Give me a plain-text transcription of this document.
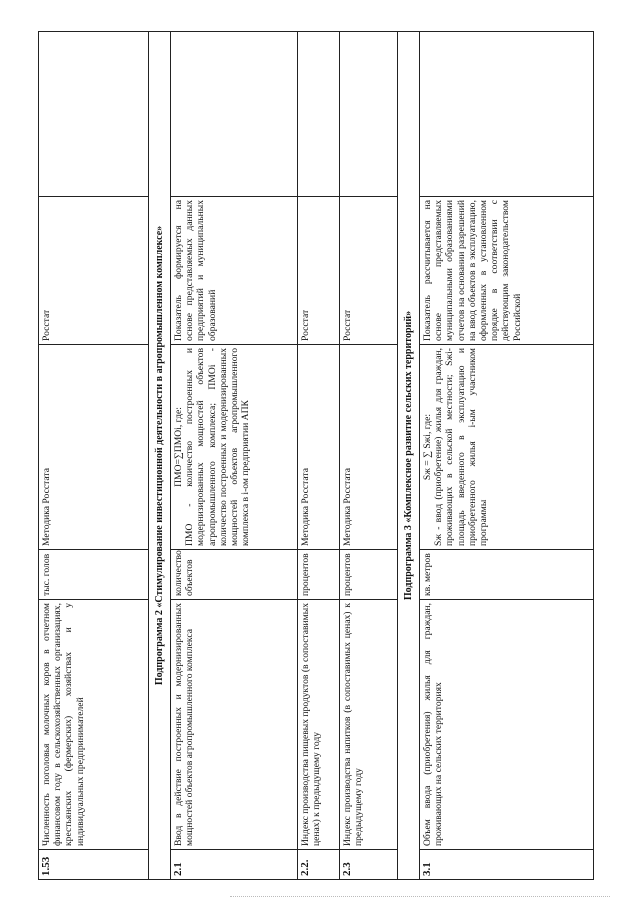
1.53	Численность поголовья молочных коров в отчетном финансовом году в сельскохозяйственных организациях, крестьянских (фермерских) хозяйствах и у индивидуальных предпринимателей	тыс. голов	Методика Росстата	Росстат	
Подпрограмма 2 «Стимулирование инвестиционной деятельности в агропромышленном комплексе»					
2.1	Ввод в действие построенных и модернизированных мощностей объектов агропромышленного комплекса	количество объектов	ПМО=∑ПМОi, где: ПМО - количество построенных и модернизированных мощностей объектов агропромышленного комплекса; ПМОi - количество построенных и модернизированных мощностей объектов агропромышленного комплекса в i-ом предприятии АПК	Показатель формируется на основе представляемых данных предприятий и муниципальных образований	
2.2.	Индекс производства пищевых продуктов (в сопоставимых ценах) к предыдущему году	процентов	Методика Росстата	Росстат	
2.3	Индекс производства напитков (в сопоставимых ценах) к предыдущему году	процентов	Методика Росстата	Росстат	
Подпрограмма 3 «Комплексное развитие сельских территорий»					
3.1	Объем ввода (приобретения) жилья для граждан, проживающих на сельских территориях	кв. метров	Sж = ∑ Sжi, где: Sж - ввод (приобретение) жилья для граждан, проживающих в сельской местности; Sжi- площадь введенного в эксплуатацию и приобретенного жилья i-ым участником программы	Показатель рассчитывается на основе представляемых муниципальными образованиями отчетов на основании разрешений на ввод объектов в эксплуатацию, оформленных в установленном порядке в соответствии с действующим законодательством Российской	
